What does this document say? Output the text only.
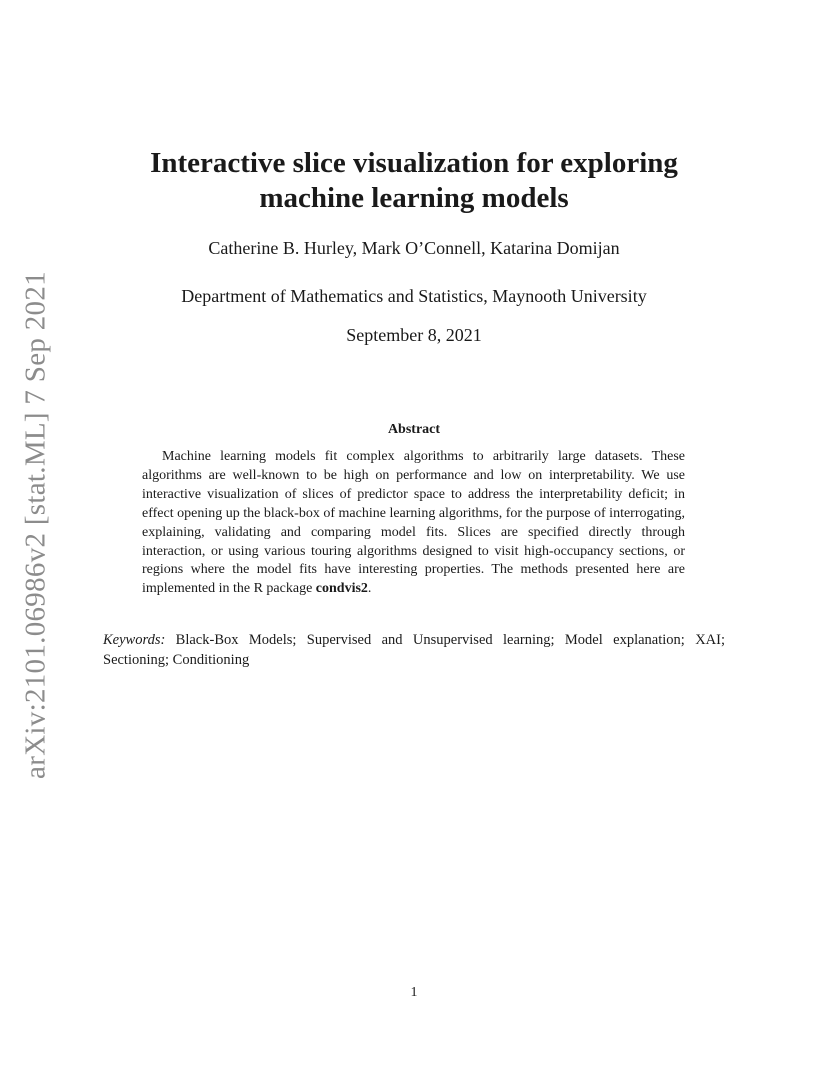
arXiv:2101.06986v2 [stat.ML] 7 Sep 2021
Interactive slice visualization for exploring
machine learning models
Catherine B. Hurley, Mark O’Connell, Katarina Domijan
Department of Mathematics and Statistics, Maynooth University
September 8, 2021
Abstract

Machine learning models fit complex algorithms to arbitrarily large datasets. These algorithms are well-known to be high on performance and low on interpretability. We use interactive visualization of slices of predictor space to address the interpretability deficit; in effect opening up the black-box of machine learning algorithms, for the purpose of interrogating, explaining, validating and comparing model fits. Slices are specified directly through interaction, or using various touring algorithms designed to visit high-occupancy sections, or regions where the model fits have interesting properties. The methods presented here are implemented in the R package condvis2.

Keywords: Black-Box Models; Supervised and Unsupervised learning; Model explanation; XAI; Sectioning; Conditioning

1
